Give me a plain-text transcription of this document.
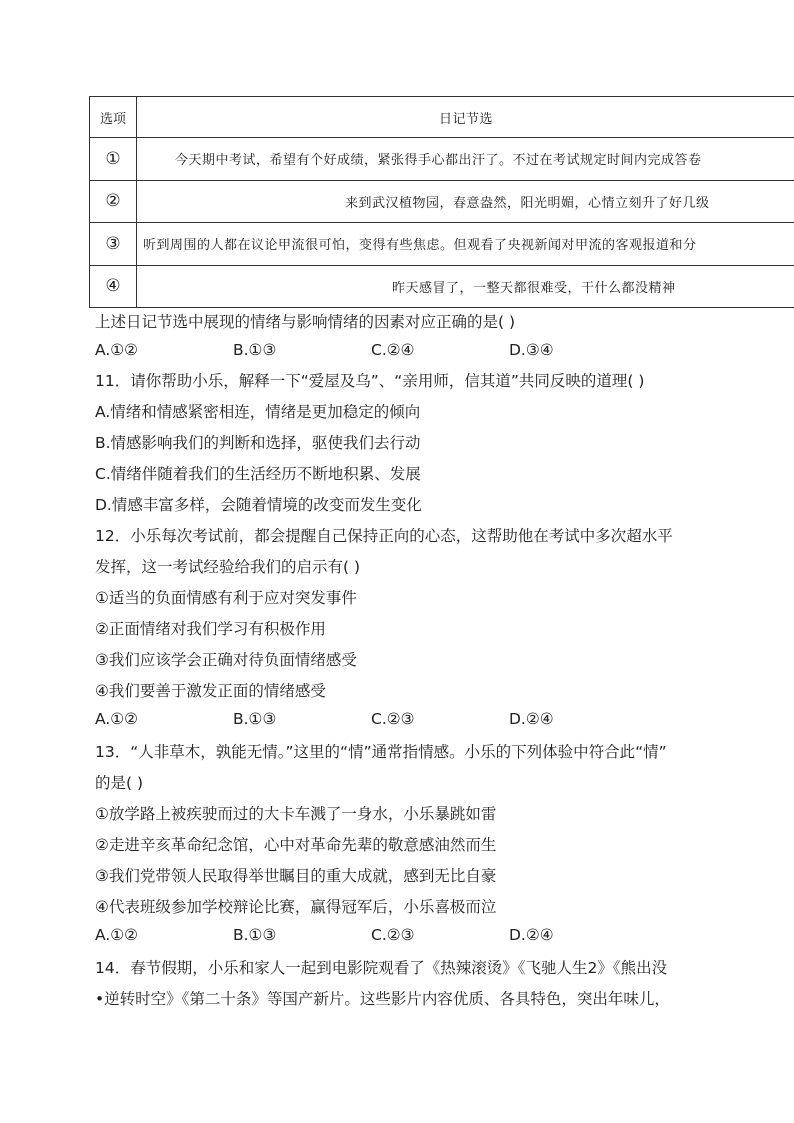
选项	日记节选
①	今天期中考试，希望有个好成绩，紧张得手心都出汗了。不过在考试规定时间内完成答卷
②	来到武汉植物园，春意盎然，阳光明媚，心情立刻升了好几级
③	听到周围的人都在议论甲流很可怕，变得有些焦虑。但观看了央视新闻对甲流的客观报道和分
④	昨天感冒了，一整天都很难受，干什么都没精神
上述日记节选中展现的情绪与影响情绪的因素对应正确的是( )
A.①②	B.①③	C.②④	D.③④
11．请你帮助小乐，解释一下“爱屋及乌”、“亲用师，信其道”共同反映的道理( )
A.情绪和情感紧密相连，情绪是更加稳定的倾向
B.情感影响我们的判断和选择，驱使我们去行动
C.情绪伴随着我们的生活经历不断地积累、发展
D.情感丰富多样，会随着情境的改变而发生变化
12．小乐每次考试前，都会提醒自己保持正向的心态，这帮助他在考试中多次超水平
发挥，这一考试经验给我们的启示有( )
①适当的负面情感有利于应对突发事件
②正面情绪对我们学习有积极作用
③我们应该学会正确对待负面情绪感受
④我们要善于激发正面的情绪感受
A.①②	B.①③	C.②③	D.②④
13．“人非草木，孰能无情。”这里的“情”通常指情感。小乐的下列体验中符合此“情”
的是( )
①放学路上被疾驶而过的大卡车溅了一身水，小乐暴跳如雷
②走进辛亥革命纪念馆，心中对革命先辈的敬意感油然而生
③我们党带领人民取得举世瞩目的重大成就，感到无比自豪
④代表班级参加学校辩论比赛，赢得冠军后，小乐喜极而泣
A.①②	B.①③	C.②③	D.②④
14．春节假期，小乐和家人一起到电影院观看了《热辣滚烫》《飞驰人生2》《熊出没
•逆转时空》《第二十条》等国产新片。这些影片内容优质、各具特色，突出年味儿，
